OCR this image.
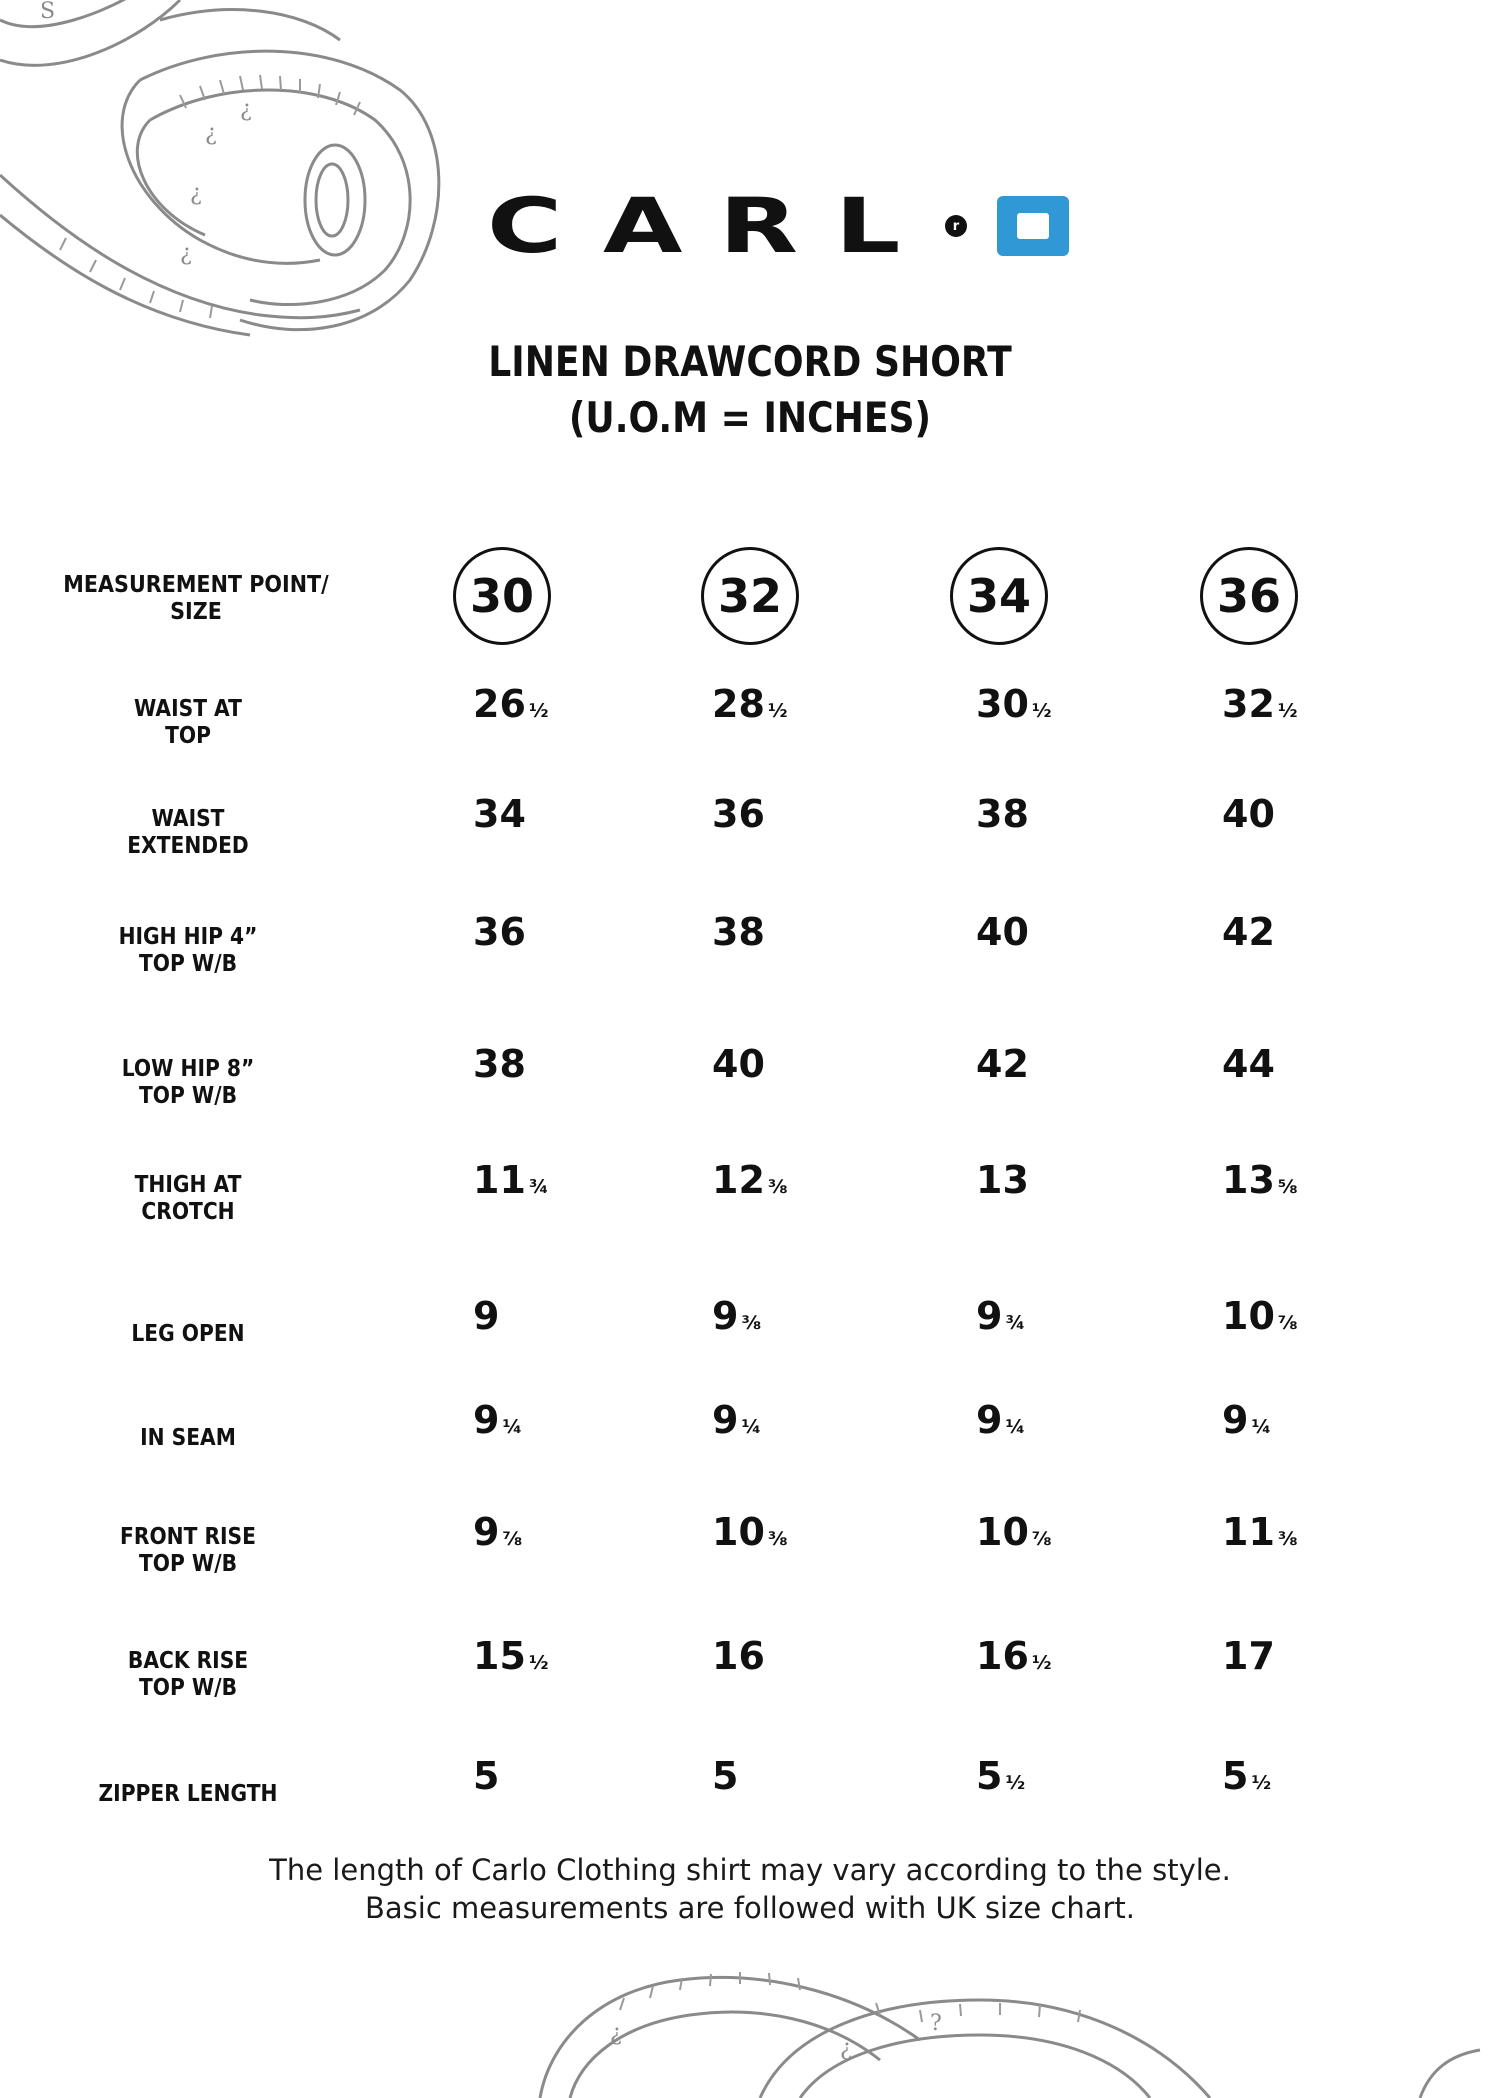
S
¿
¿
¿
¿	C A R L	r
LINEN DRAWCORD SHORT
(U.O.M = INCHES)
MEASUREMENT POINT/
SIZE	30	32	34	36
WAIST AT
TOP
26 ½	28 ½	30 ½	32 ½
WAIST
EXTENDED
34	36	38	40
HIGH HIP 4”
TOP W/B
36	38	40	42
LOW HIP 8”
TOP W/B
38	40	42	44
THIGH AT
CROTCH
11 ¾	12 ⅜	13	13 ⅝
LEG OPEN	9	9 ⅜	9 ¾	10 ⅞
IN SEAM	9 ¼	9 ¼	9 ¼	9 ¼
FRONT RISE
TOP W/B
9 ⅞	10 ⅜	10 ⅞	11 ⅜
BACK RISE
TOP W/B
15 ½	16	16 ½	17
ZIPPER LENGTH	5	5	5 ½	5 ½
The length of Carlo Clothing shirt may vary according to the style.
Basic measurements are followed with UK size chart.
¿
¿
?
